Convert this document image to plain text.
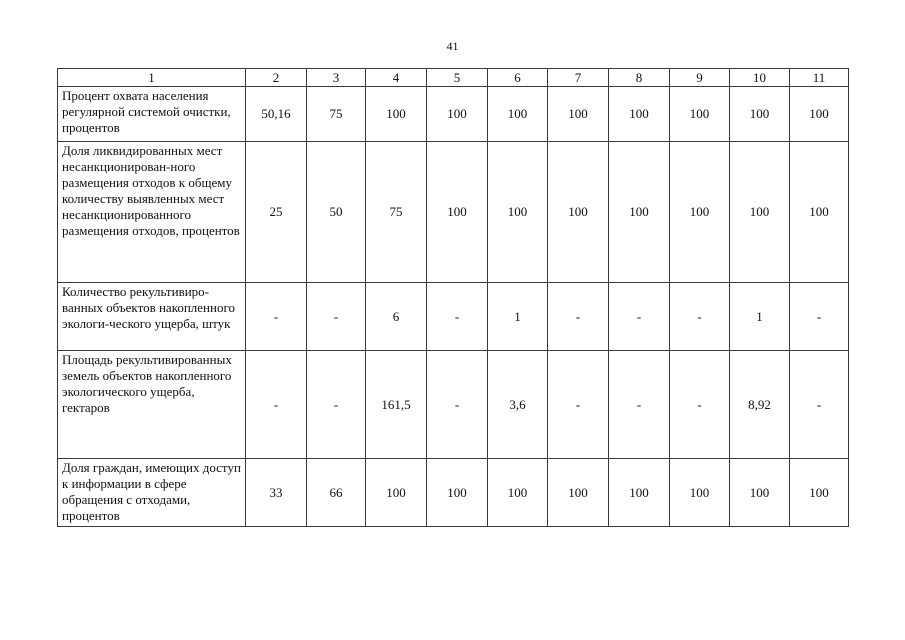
41
1	2	3	4	5	6	7	8	9	10	11
Процент охвата населения регулярной системой очистки, процентов	50,16	75	100	100	100	100	100	100	100	100
Доля ликвидированных мест несанкционирован-ного размещения отходов к общему количеству выявленных мест несанкционированного размещения отходов, процентов	25	50	75	100	100	100	100	100	100	100
Количество рекультивиро-ванных объектов накопленного экологи-ческого ущерба, штук	-	-	6	-	1	-	-	-	1	-
Площадь рекультивированных земель объектов накопленного экологического ущерба, гектаров	-	-	161,5	-	3,6	-	-	-	8,92	-
Доля граждан, имеющих доступ к информации в сфере обращения с отходами, процентов	33	66	100	100	100	100	100	100	100	100
